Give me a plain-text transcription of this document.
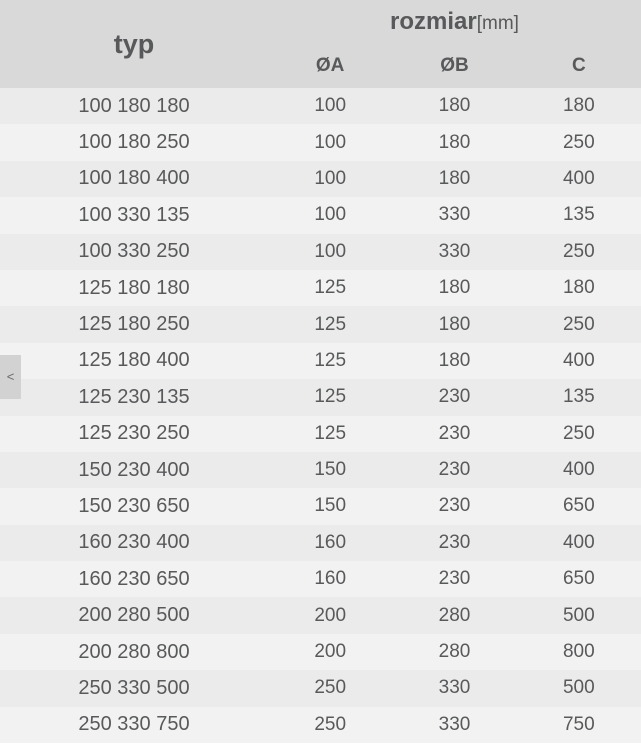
typ	rozmiar[mm]		
	ØA	ØB	C
100 180 180	100	180	180
100 180 250	100	180	250
100 180 400	100	180	400
100 330 135	100	330	135
100 330 250	100	330	250
125 180 180	125	180	180
125 180 250	125	180	250
125 180 400	125	180	400
125 230 135	125	230	135
125 230 250	125	230	250
150 230 400	150	230	400
150 230 650	150	230	650
160 230 400	160	230	400
160 230 650	160	230	650
200 280 500	200	280	500
200 280 800	200	280	800
250 330 500	250	330	500
250 330 750	250	330	750
<
